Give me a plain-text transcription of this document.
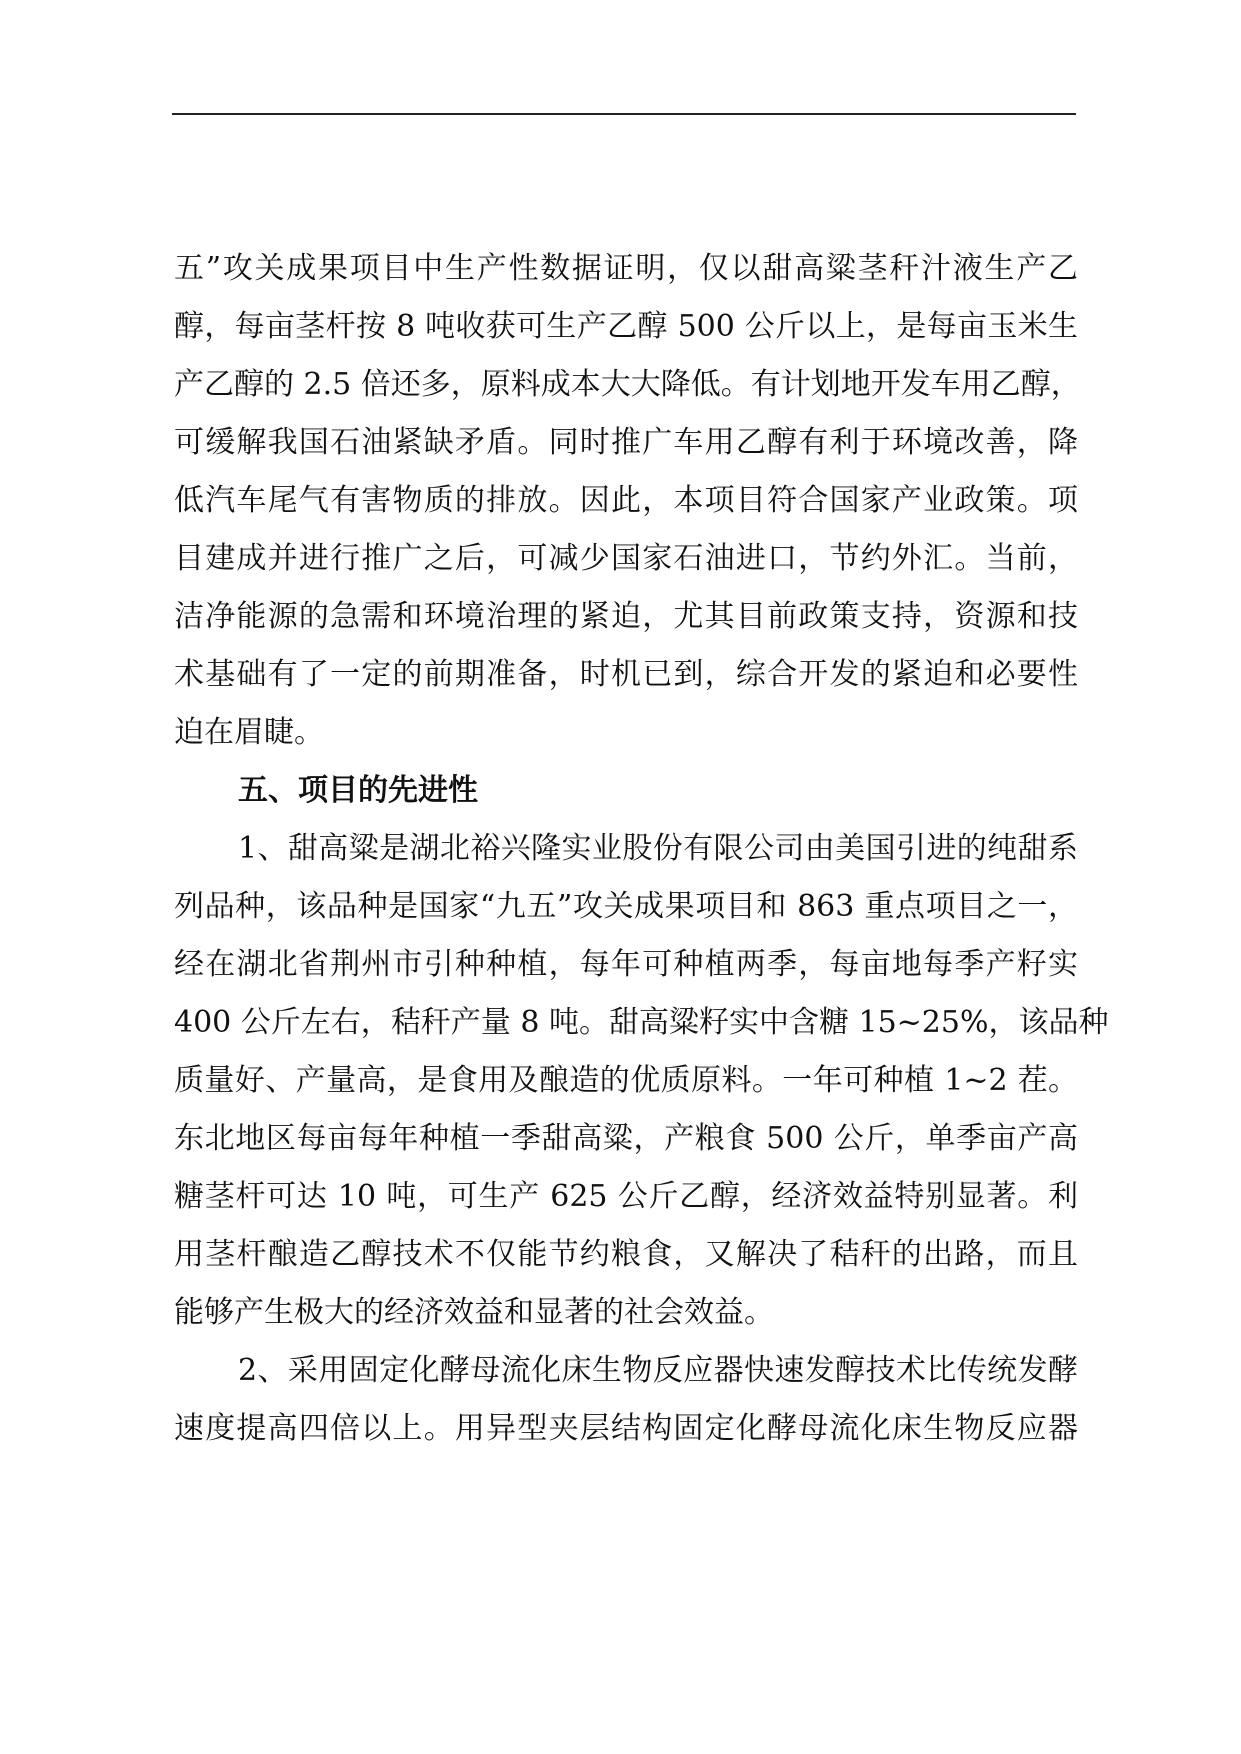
五”攻关成果项目中生产性数据证明，仅以甜高粱茎秆汁液生产乙
醇，每亩茎杆按 8 吨收获可生产乙醇 500 公斤以上，是每亩玉米生
产乙醇的 2.5 倍还多，原料成本大大降低。有计划地开发车用乙醇，
可缓解我国石油紧缺矛盾。同时推广车用乙醇有利于环境改善，降
低汽车尾气有害物质的排放。因此，本项目符合国家产业政策。项
目建成并进行推广之后，可减少国家石油进口，节约外汇。当前，
洁净能源的急需和环境治理的紧迫，尤其目前政策支持，资源和技
术基础有了一定的前期准备，时机已到，综合开发的紧迫和必要性
迫在眉睫。
五、项目的先进性
1、甜高粱是湖北裕兴隆实业股份有限公司由美国引进的纯甜系
列品种，该品种是国家“九五”攻关成果项目和 863 重点项目之一，
经在湖北省荆州市引种种植，每年可种植两季，每亩地每季产籽实
400 公斤左右，秸秆产量 8 吨。甜高粱籽实中含糖 15~25%，该品种
质量好、产量高，是食用及酿造的优质原料。一年可种植 1~2 茬。
东北地区每亩每年种植一季甜高粱，产粮食 500 公斤，单季亩产高
糖茎杆可达 10 吨，可生产 625 公斤乙醇，经济效益特别显著。利
用茎杆酿造乙醇技术不仅能节约粮食，又解决了秸秆的出路，而且
能够产生极大的经济效益和显著的社会效益。
2、采用固定化酵母流化床生物反应器快速发醇技术比传统发酵
速度提高四倍以上。用异型夹层结构固定化酵母流化床生物反应器
